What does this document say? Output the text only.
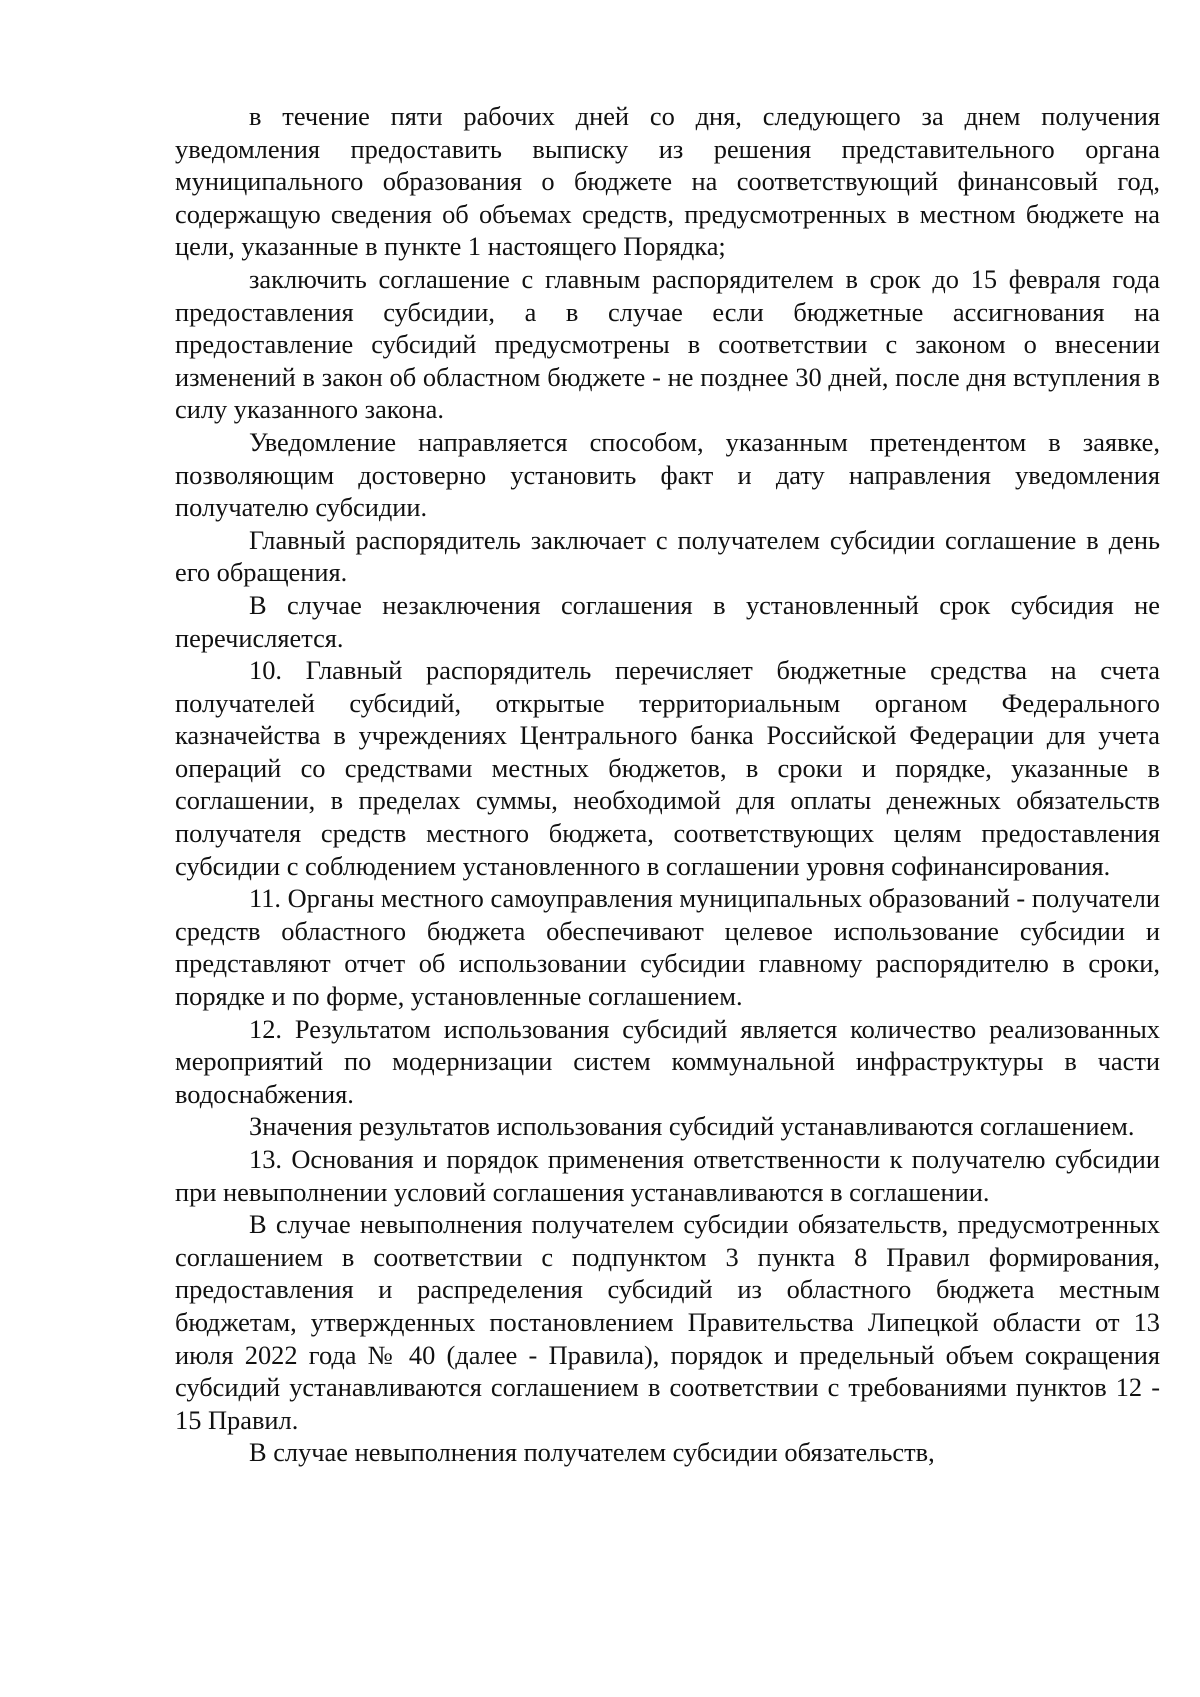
в течение пяти рабочих дней со дня, следующего за днем получения уведомления предоставить выписку из решения представительного органа муниципального образования о бюджете на соответствующий финансовый год, содержащую сведения об объемах средств, предусмотренных в местном бюджете на цели, указанные в пункте 1 настоящего Порядка;

заключить соглашение с главным распорядителем в срок до 15 февраля года предоставления субсидии, а в случае если бюджетные ассигнования на предоставление субсидий предусмотрены в соответствии с законом о внесении изменений в закон об областном бюджете - не позднее 30 дней, после дня вступления в силу указанного закона.

Уведомление направляется способом, указанным претендентом в заявке, позволяющим достоверно установить факт и дату направления уведомления получателю субсидии.

Главный распорядитель заключает с получателем субсидии соглашение в день его обращения.

В случае незаключения соглашения в установленный срок субсидия не перечисляется.

10. Главный распорядитель перечисляет бюджетные средства на счета получателей субсидий, открытые территориальным органом Федерального казначейства в учреждениях Центрального банка Российской Федерации для учета операций со средствами местных бюджетов, в сроки и порядке, указанные в соглашении, в пределах суммы, необходимой для оплаты денежных обязательств получателя средств местного бюджета, соответствующих целям предоставления субсидии с соблюдением установленного в соглашении уровня софинансирования.

11. Органы местного самоуправления муниципальных образований - получатели средств областного бюджета обеспечивают целевое использование субсидии и представляют отчет об использовании субсидии главному распорядителю в сроки, порядке и по форме, установленные соглашением.

12. Результатом использования субсидий является количество реализованных мероприятий по модернизации систем коммунальной инфраструктуры в части водоснабжения.

Значения результатов использования субсидий устанавливаются соглашением.

13. Основания и порядок применения ответственности к получателю субсидии при невыполнении условий соглашения устанавливаются в соглашении.

В случае невыполнения получателем субсидии обязательств, предусмотренных соглашением в соответствии с подпунктом 3 пункта 8 Правил формирования, предоставления и распределения субсидий из областного бюджета местным бюджетам, утвержденных постановлением Правительства Липецкой области от 13 июля 2022 года № 40 (далее - Правила), порядок и предельный объем сокращения субсидий устанавливаются соглашением в соответствии с требованиями пунктов 12 - 15 Правил.

В случае невыполнения получателем субсидии обязательств,
